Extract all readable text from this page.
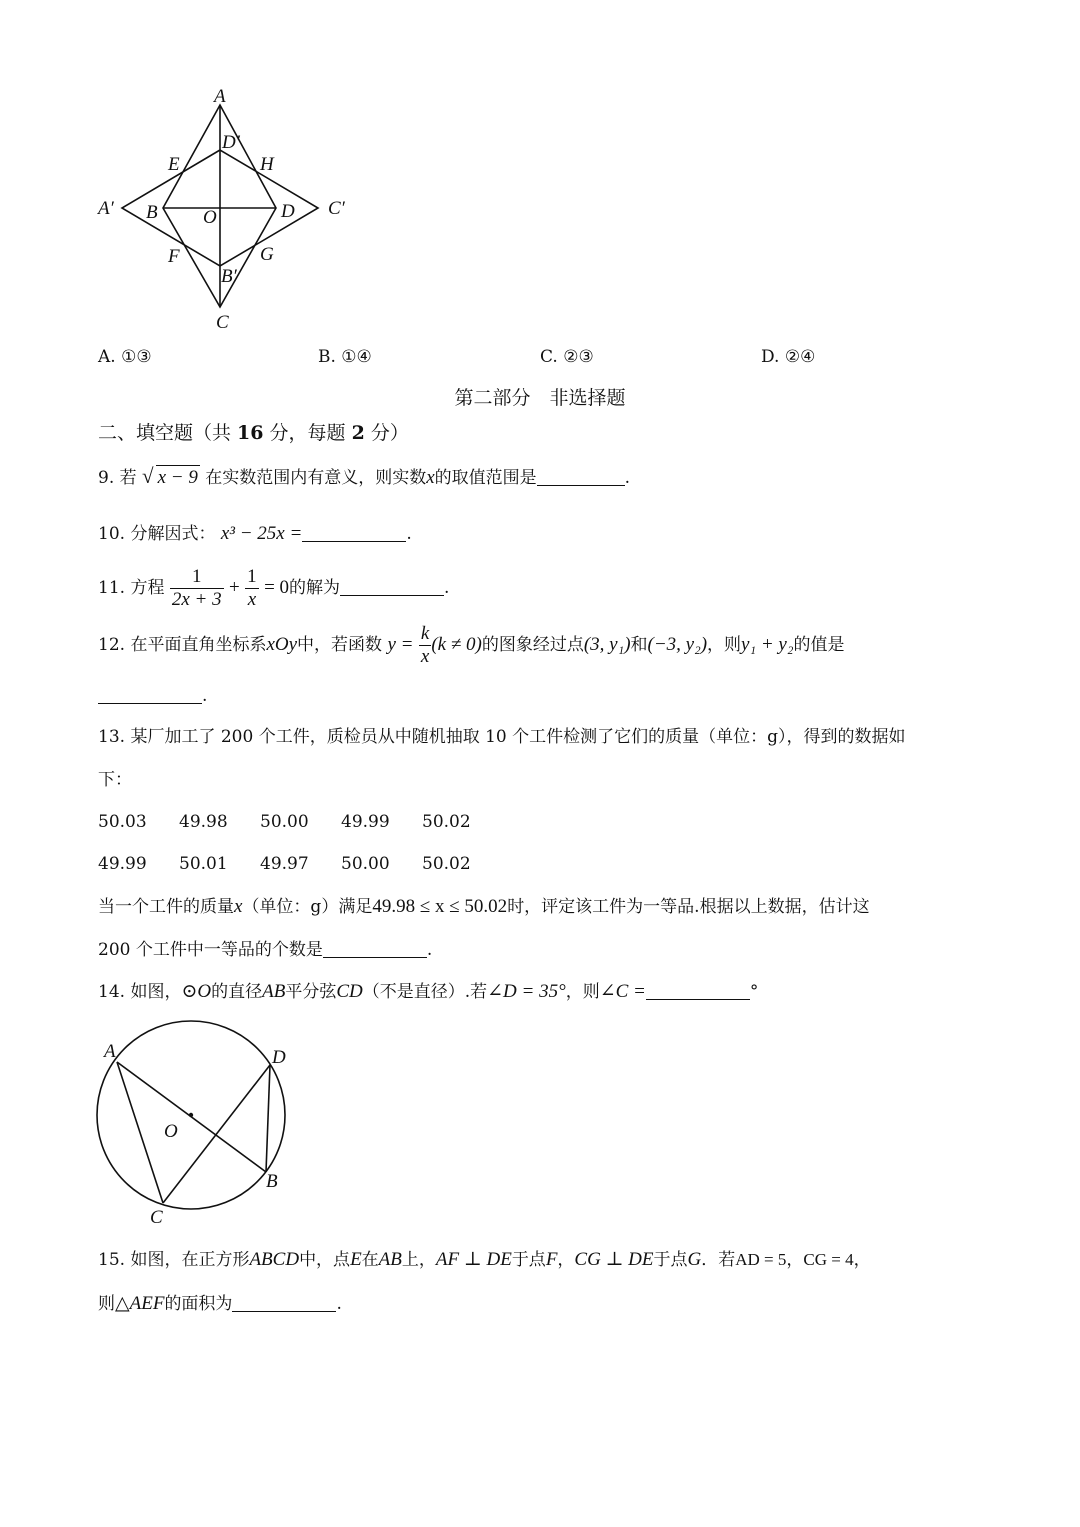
A
D′
E	H
A′ B O	D C′
F	G
B′
C
A. ①③	B. ①④	C. ②③	D. ②④
第二部分　非选择题
二、填空题（共 16 分，每题 2 分）
9. 若 √ x − 9 在实数范围内有意义，则实数x的取值范围是	.
10. 分解因式： x³ − 25x =	.
11. 方程 $\frac{1}{2x + 3} + \frac{1}{x} = 0$的解为	.
12. 在平面直角坐标系xOy中，若函数 $y = \frac{k}{x} (k \ne 0)$的图象经过点(3, y₁)和(−3, y₂)，则y₁ + y₂的值是
.
13. 某厂加工了 200 个工件，质检员从中随机抽取 10 个工件检测了它们的质量（单位：g），得到的数据如
下：
50.03 49.98 50.00 49.99 50.02
49.99 50.01 49.97 50.00 50.02
当一个工件的质量x（单位：g）满足49.98 ≤ x ≤ 50.02时，评定该工件为一等品.根据以上数据，估计这
200 个工件中一等品的个数是	.
14. 如图，⊙O的直径AB平分弦CD（不是直径）.若∠D = 35°，则∠C =	°
A	D
O
B
C
15. 如图，在正方形ABCD中，点E在AB上，AF ⊥ DE于点F，CG ⊥ DE于点G．若AD = 5，CG = 4，
则△AEF的面积为	.
